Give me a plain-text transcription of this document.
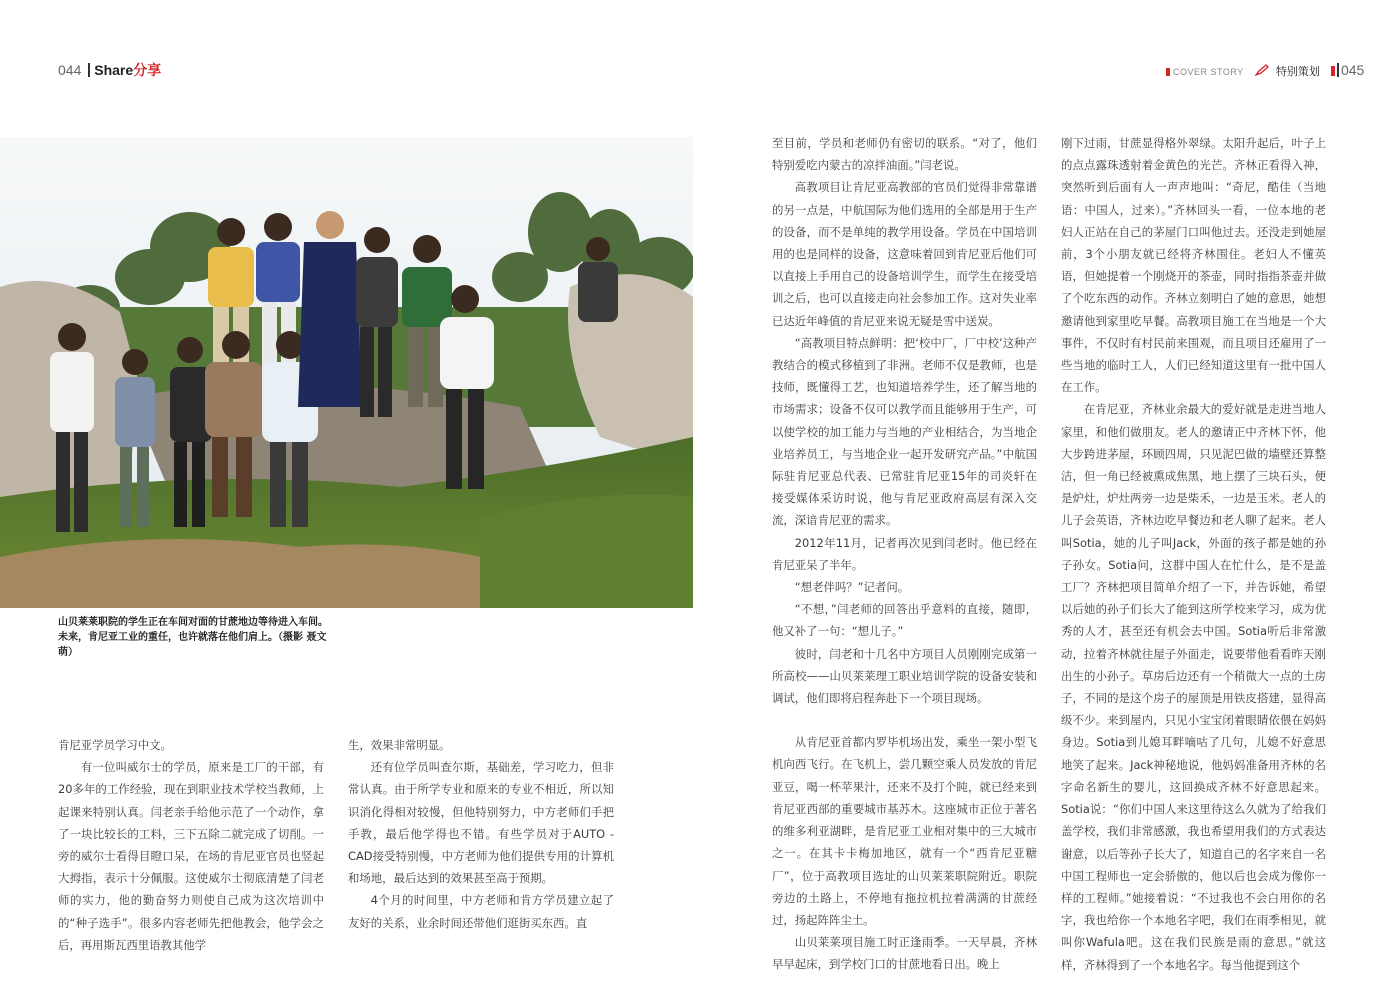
044 Share分享	COVER STORY	特别策划 045
山贝莱莱职院的学生正在车间对面的甘蔗地边等待进入车间。未来，肯尼亚工业的重任，也许就落在他们肩上。（摄影 聂文萌）

肯尼亚学员学习中文。

有一位叫威尔士的学员，原来是工厂的干部，有20多年的工作经验，现在到职业技术学校当教师，上起课来特别认真。闫老亲手给他示范了一个动作，拿了一块比较长的工料，三下五除二就完成了切削。一旁的威尔士看得目瞪口呆，在场的肯尼亚官员也竖起大拇指，表示十分佩服。这使威尔士彻底清楚了闫老师的实力，他的勤奋努力则使自己成为这次培训中的“种子选手”。很多内容老师先把他教会，他学会之后，再用斯瓦西里语教其他学

生，效果非常明显。

还有位学员叫查尔斯，基础差，学习吃力，但非常认真。由于所学专业和原来的专业不相近，所以知识消化得相对较慢，但他特别努力，中方老师们手把手教，最后他学得也不错。有些学员对于AUTO - CAD接受特别慢，中方老师为他们提供专用的计算机和场地，最后达到的效果甚至高于预期。

4个月的时间里，中方老师和肯方学员建立起了友好的关系，业余时间还带他们逛街买东西。直

至目前，学员和老师仍有密切的联系。“对了，他们特别爱吃内蒙古的凉拌油面。”闫老说。

高教项目让肯尼亚高教部的官员们觉得非常靠谱的另一点是，中航国际为他们选用的全部是用于生产的设备，而不是单纯的教学用设备。学员在中国培训用的也是同样的设备，这意味着回到肯尼亚后他们可以直接上手用自己的设备培训学生，而学生在接受培训之后，也可以直接走向社会参加工作。这对失业率已达近年峰值的肯尼亚来说无疑是雪中送炭。

“高教项目特点鲜明：把‘校中厂，厂中校’这种产教结合的模式移植到了非洲。老师不仅是教师，也是技师，既懂得工艺，也知道培养学生，还了解当地的市场需求；设备不仅可以教学而且能够用于生产，可以使学校的加工能力与当地的产业相结合，为当地企业培养员工，与当地企业一起开发研究产品。”中航国际驻肯尼亚总代表、已常驻肯尼亚15年的司炎轩在接受媒体采访时说，他与肯尼亚政府高层有深入交流，深谙肯尼亚的需求。

2012年11月，记者再次见到闫老时。他已经在肯尼亚呆了半年。

“想老伴吗？”记者问。

“不想，”闫老师的回答出乎意料的直接，随即，他又补了一句：“想儿子。”

彼时，闫老和十几名中方项目人员刚刚完成第一所高校——山贝莱莱理工职业培训学院的设备安装和调试，他们即将启程奔赴下一个项目现场。

从肯尼亚首都内罗毕机场出发，乘坐一架小型飞机向西飞行。在飞机上，尝几颗空乘人员发放的肯尼亚豆，喝一杯苹果汁，还来不及打个盹，就已经来到肯尼亚西部的重要城市基苏木。这座城市正位于著名的维多利亚湖畔，是肯尼亚工业相对集中的三大城市之一。在其卡卡梅加地区，就有一个“西肯尼亚糖厂”，位于高教项目选址的山贝莱莱职院附近。职院旁边的土路上，不停地有拖拉机拉着满满的甘蔗经过，扬起阵阵尘土。

山贝莱莱项目施工时正逢雨季。一天早晨，齐林早早起床，到学校门口的甘蔗地看日出。晚上

刚下过雨，甘蔗显得格外翠绿。太阳升起后，叶子上的点点露珠透射着金黄色的光芒。齐林正看得入神，突然听到后面有人一声声地叫：“奇尼，酷佳（当地语：中国人，过来）。”齐林回头一看，一位本地的老妇人正站在自己的茅屋门口叫他过去。还没走到她屋前，3个小朋友就已经将齐林围住。老妇人不懂英语，但她提着一个刚烧开的茶壶，同时指指茶壶并做了个吃东西的动作。齐林立刻明白了她的意思，她想邀请他到家里吃早餐。高教项目施工在当地是一个大事件，不仅时有村民前来围观，而且项目还雇用了一些当地的临时工人，人们已经知道这里有一批中国人在工作。

在肯尼亚，齐林业余最大的爱好就是走进当地人家里，和他们做朋友。老人的邀请正中齐林下怀，他大步跨进茅屋，环顾四周，只见泥巴做的墙壁还算整洁，但一角已经被熏成焦黑，地上摆了三块石头，便是炉灶，炉灶两旁一边是柴禾，一边是玉米。老人的儿子会英语，齐林边吃早餐边和老人聊了起来。老人叫Sotia，她的儿子叫Jack，外面的孩子都是她的孙子孙女。Sotia问，这群中国人在忙什么，是不是盖工厂？齐林把项目简单介绍了一下，并告诉她，希望以后她的孙子们长大了能到这所学校来学习，成为优秀的人才，甚至还有机会去中国。Sotia听后非常激动，拉着齐林就往屋子外面走，说要带他看看昨天刚出生的小孙子。草房后边还有一个稍微大一点的土房子，不同的是这个房子的屋顶是用铁皮搭建，显得高级不少。来到屋内，只见小宝宝闭着眼睛依偎在妈妈身边。Sotia到儿媳耳畔嘀咕了几句，儿媳不好意思地笑了起来。Jack神秘地说，他妈妈准备用齐林的名字命名新生的婴儿，这回换成齐林不好意思起来。Sotia说：“你们中国人来这里待这么久就为了给我们盖学校，我们非常感激，我也希望用我们的方式表达谢意，以后等孙子长大了，知道自己的名字来自一名中国工程师也一定会骄傲的，他以后也会成为像你一样的工程师。”她接着说：“不过我也不会白用你的名字，我也给你一个本地名字吧，我们在雨季相见，就叫你Wafula吧。这在我们民族是雨的意思。”就这样，齐林得到了一个本地名字。每当他提到这个
